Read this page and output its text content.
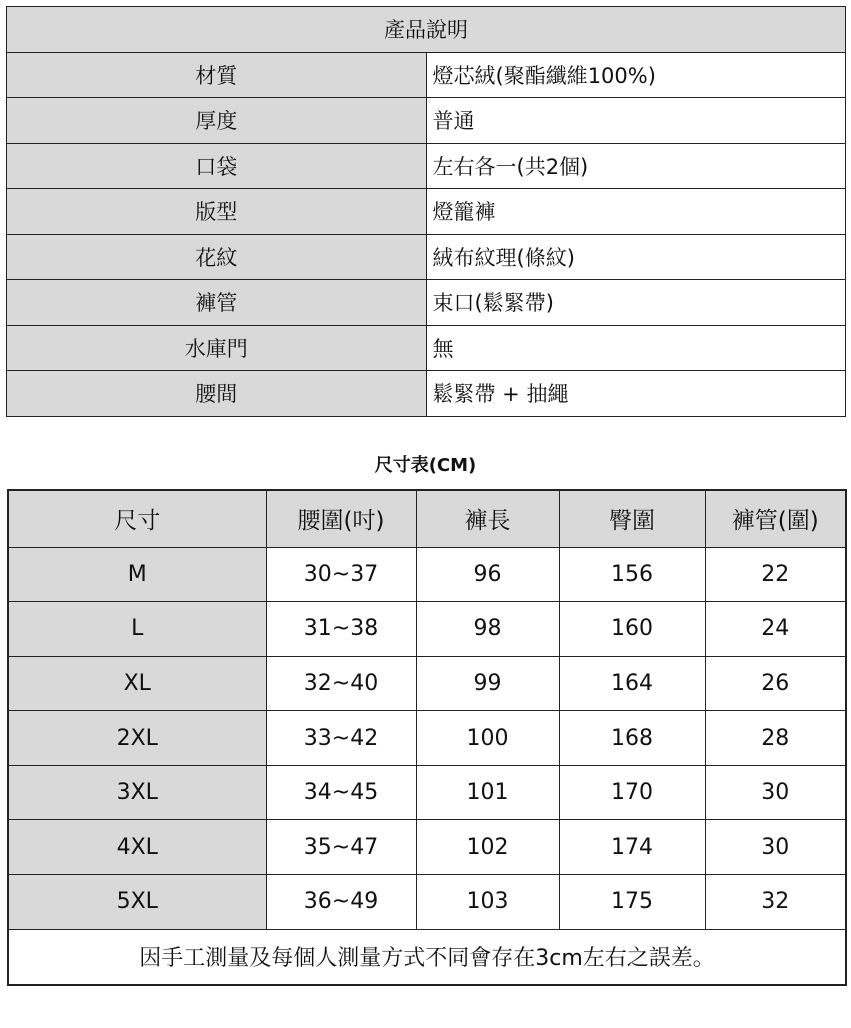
產品說明	
材質	燈芯絨(聚酯纖維100%)
厚度	普通
口袋	左右各一(共2個)
版型	燈籠褲
花紋	絨布紋理(條紋)
褲管	束口(鬆緊帶)
水庫門	無
腰間	鬆緊帶 + 抽繩
尺寸表(CM)
尺寸	腰圍(吋)	褲長	臀圍	褲管(圍)
M	30~37	96	156	22
L	31~38	98	160	24
XL	32~40	99	164	26
2XL	33~42	100	168	28
3XL	34~45	101	170	30
4XL	35~47	102	174	30
5XL	36~49	103	175	32
因手工測量及每個人測量方式不同會存在3cm左右之誤差。				
